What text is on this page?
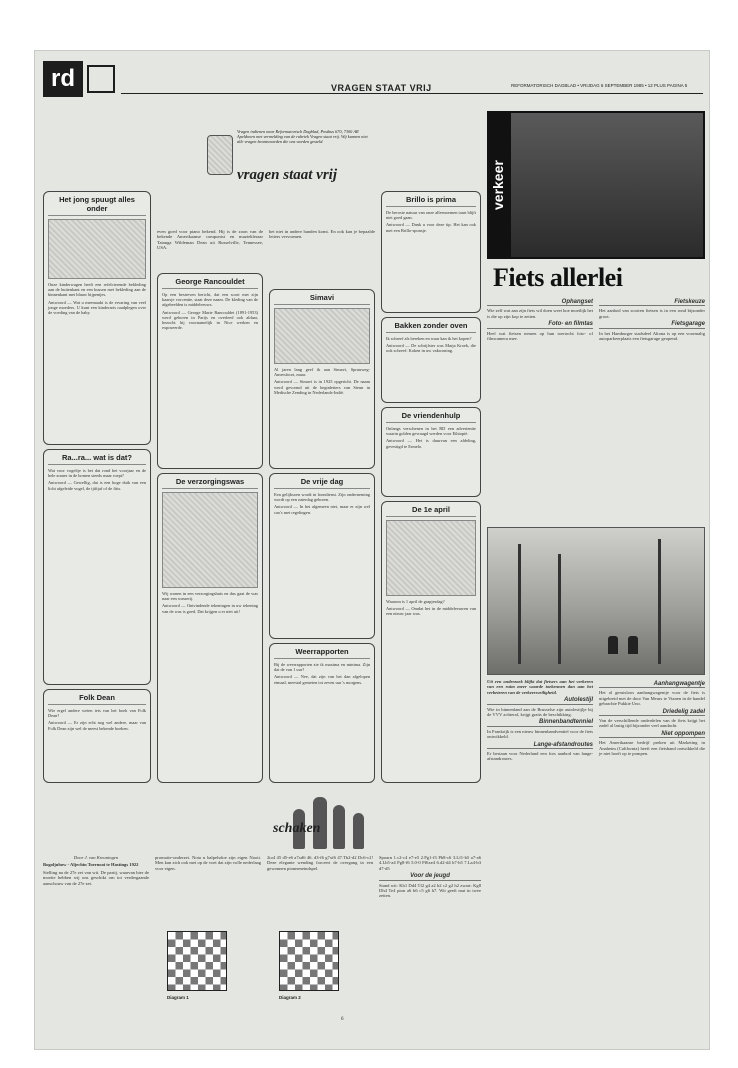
rd	VRAGEN STAAT VRIJ	REFORMATORISCH DAGBLAD • VRIJDAG 6 SEPTEMBER 1985 • 12 PLUS PAGINA 5
Vragen indienen naar Reformatorisch Dagblad, Postbus 670, 7300 AR Apeldoorn met vermelding van de rubriek Vragen staat vrij. Wij kunnen niet alle vragen beantwoorden die ons worden gesteld.
vragen staat vrij
Het jong spuugt alles onder

Onze kinderwagen heeft een refelcterende bekleding aan de buitenkant en een kussen met bekleding aan de binnenkant met blauw bijpentjes.

Antwoord — Wat u meemaakt is de ervaring van veel jonge moeders. U kunt een kinderarts raadplegen over de voeding van de baby.

Ra...ra... wat is dat?

Wat voor vogeltje is het dat rond het voorjaar en de hele zomer in de bomen steeds maar roept?

Antwoord — Gewellig, dat is een hoge duik van een licht afgeleide vogel, de tjiftjaf of de fitis.

Folk Dean

Wie ergel andere weten iets van het boek van Folk Dean?

Antwoord — Er zijn echt nog wel andere, maar van Folk Dean zijn wel de meest bekende boeken.

even goed voor piano bekend. Hij is de zoon van de bekende Amerikaanse componist en muziekleraar Tatanga Wildeman Dean uit Russelville, Tennessee, USA.
George Rancouldet

Op een bestreven bericht, dat een soort met zijn kaarsje vorcentie, staat deze naam. De kleding van de afgebeelden is middeleeuws.

Antwoord — George Marie Rancouldet (1891-1953) werd geboren in Parijs en overleed ook aldaar, bezocht hij voornamelijk in Nice werken en exposeerde.

De verzorgingswas

Wij wonen in een verzorgingshuis en dus gaat de was naar een wasserij.

Antwoord — Ontvindende tekeningen in uw tekening van de was is goed. Dat krijgen u er niet uit!

het niet in andere handen komt. En ook kan je bepaalde letters vervormen.
Simavi

Al jaren lang geef ik aan Simavi, Spruuweg-Amersfoort, maar.

Antwoord — Simavi is in 1925 opgericht. De naam werd gevormd uit de beginletters van Steun in Medische Zending in Nederlands-Indië.

De vrije dag

Een gelijksoen wordt in loondienst. Zijn onderneming wordt op een zaterdag geboren.

Antwoord — In het algemeen niet, maar er zijn wel cao's met regelingen.

Weerrapporten

Bij de weerrapporten zie ik maxima en minima. Zijn dat de van 1 uur?

Antwoord — Nee, dat zijn van het dan afgelopen etmaal, meestal gemeten tot zeven uur 's morgens.

Brillo is prima

De beroste natuur van onze alleenoemen taart blijft niet goed gaan.

Antwoord — Dank u voor deze tip. Het kan ook met een Brillo-sponsje.

Bakken zonder oven

Ik schreef als bereken en waar kan ik het kopen?

Antwoord — De schrijfster was Marja Kroek, die ook schreef: Koken in uw vakwoning.

De vriendenhulp

Onlangs verschenen in het RD een advertentie waarin golden gevraagd werden voor Ethiopië.

Antwoord — Het is duurvan een afdeling, gevestigd te Ermelo.

De 1e april

Waarom is 1 april de grapjesdag?

Antwoord — Omdat het in de middeleeuwen van een nieuw jaar was.

verkeer
Fiets allerlei
Ophangset

Wie zelf wat aan zijn fiets wil doen weet hoe moeilijk het is die op zijn kop te zetten.

Foto- en filmtas

Heel wat fietsen nemen op hun toertocht foto- of filmcamera mee.

Fietskeuze

Het aanbod van soorten fietsen is in een rond bijzonder groot.

Fietsgarage

In het Hamburger stadsdeel Altona is op een voormalig autoparkeerplaats een fietsgarage geopend.

Uit een onderzoek blijkt dat fietsers aan het verkeren van een ruim meer waarde toekennen dan aan het verbeteren van de verkeersveiligheid.

Autolestijl

Wie in binnenland aan de Brusselse zijn autolestijlje bij de VVV achteraf, krijgt gratis de beschikking.

Binnenbandtenniel

In Frankrijk is een nieuw binnenbandventiel voor de fiets ontwikkeld.

Lange-afstandroutes

Er bestaan voor Nederland een fors aanbod van lange-afstandroutes.

Aanhangwagentje

Het al geruisloos aanhangwagentje voor de fiets is uitgebreid met de door Van Meurs te Vianen in de handel gebrachte Pukkie Uno.

Driedelig zadel

Van de verschillende onderdelen van de fiets krijgt het zadel al lastig tijd bijzonder veel aandacht.

Niet oppompen

Het Amerikaanse bedrijf preken uit Marketing in Anaheim (California) heeft een fietsband ontwikkeld die je niet hoeft op te pompen.

schaken

Door J. van Kreuningen

Bogoljubow - Aljechin Toernooi te Hastings 1922

Stelling na de 27e zet van wit. De partij, waarvan hier de moeite hebben wij ons geschikt om tot verdergaande aanschouw van de 27e zet.

promotie-onderzet. Nota n balpelsdoe zijn eigen Nooit. Men kan zich ook met op de voet dat zijn volle nederlaag voor eigen.
Diagram 1
2to4 45 d5-e6 a7xd6 46. d3-f6 g7xf6 47.Tb2-d2 Dc6-c2! Deze elegante wending forceert de overgang in een gewonnen pionneneindspel.
Diagram 2

Spoarn 1.c2-c4 e7-e5 2.Pg1-f3 Pb8-c6 3.Lf1-b5 a7-a6 4.Lb5-a4 Pg8-f6 5.0-0 Pf6xe4 6.d2-d4 b7-b5 7.La4-b3 d7-d5

Voor de jeugd

Stand wit: Kh1 Dd4 Tf2 g4 a2 b2 c2 g2 h2 zwart: Kg8 Dh4 Te4 pion a6 b6 c5 g6 h7. Wit geeft mat in twee zetten.

6
